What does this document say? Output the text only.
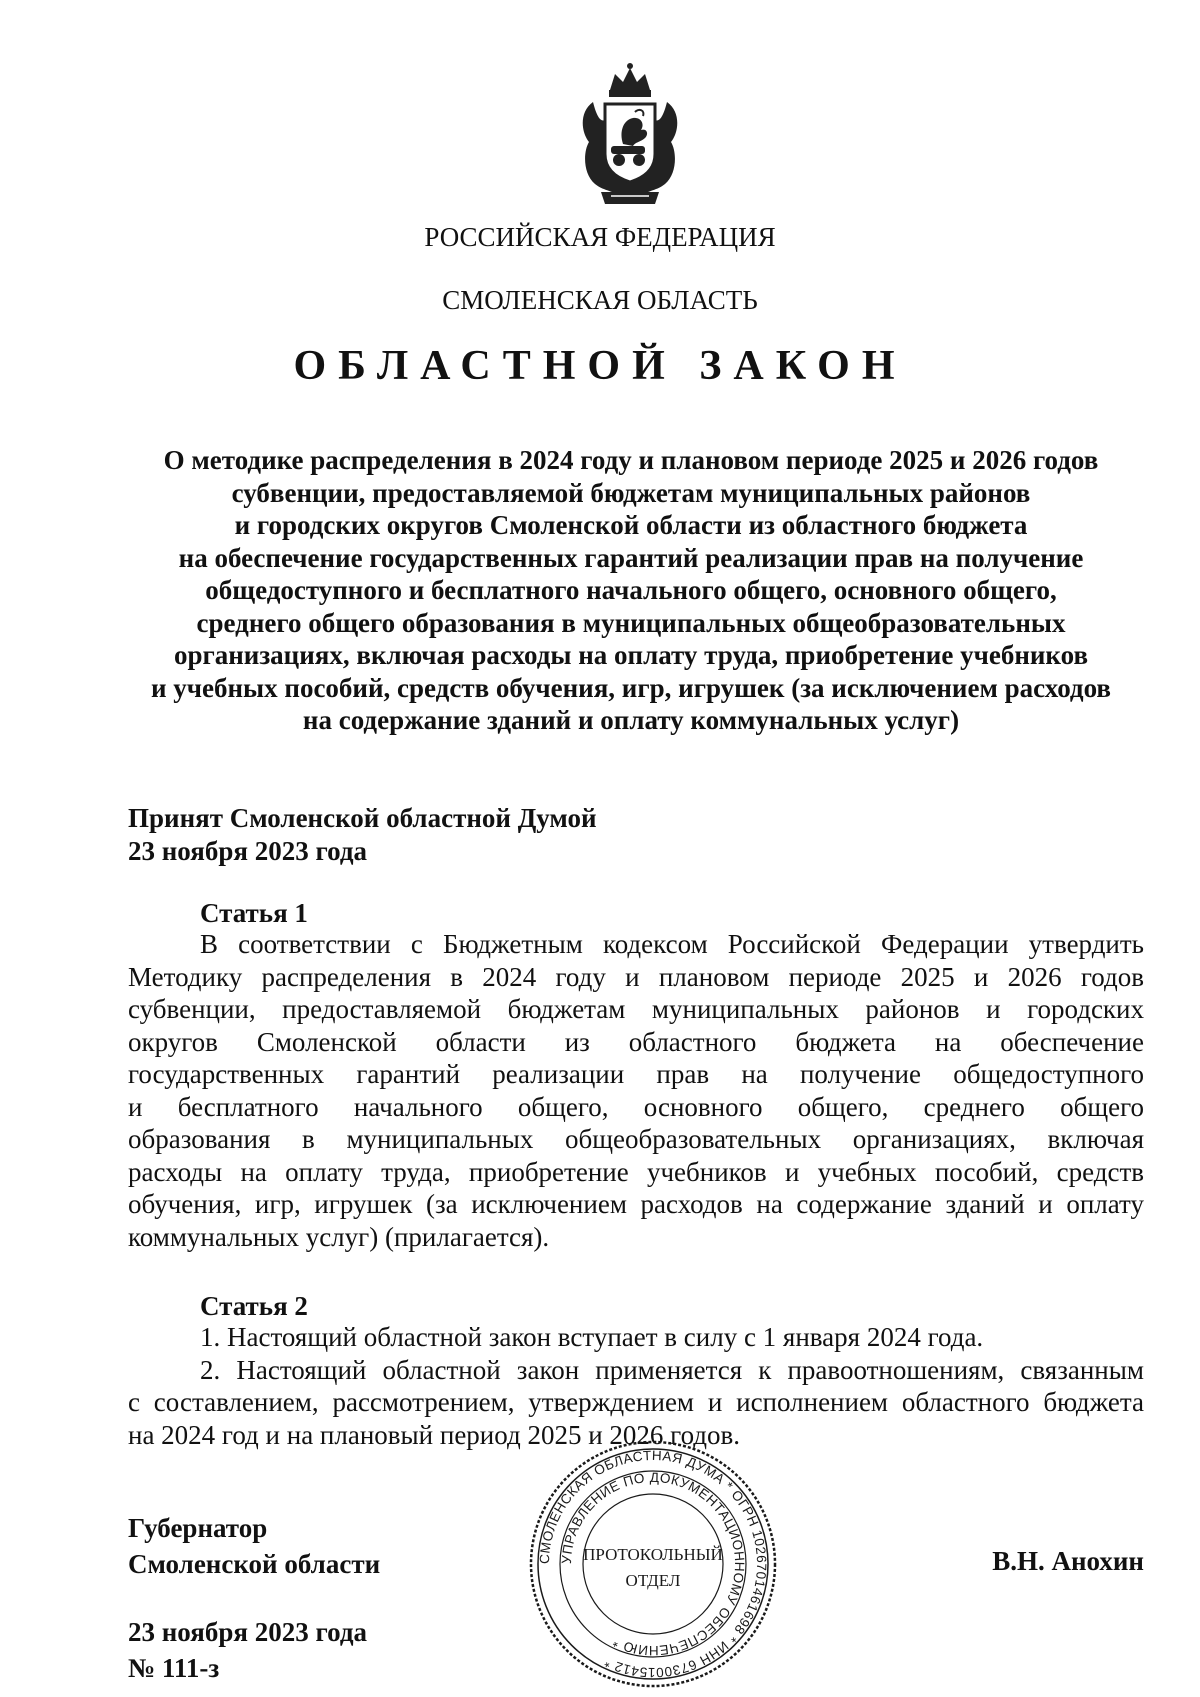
РОССИЙСКАЯ ФЕДЕРАЦИЯ
СМОЛЕНСКАЯ ОБЛАСТЬ
ОБЛАСТНОЙ ЗАКОН
О методике распределения в 2024 году и плановом периоде 2025 и 2026 годов
субвенции, предоставляемой бюджетам муниципальных районов
и городских округов Смоленской области из областного бюджета
на обеспечение государственных гарантий реализации прав на получение
общедоступного и бесплатного начального общего, основного общего,
среднего общего образования в муниципальных общеобразовательных
организациях, включая расходы на оплату труда, приобретение учебников
и учебных пособий, средств обучения, игр, игрушек (за исключением расходов
на содержание зданий и оплату коммунальных услуг)
Принят Смоленской областной Думой
23 ноября 2023 года
Статья 1
В соответствии с Бюджетным кодексом Российской Федерации утвердить
Методику распределения в 2024 году и плановом периоде 2025 и 2026 годов
субвенции, предоставляемой бюджетам муниципальных районов и городских
округов Смоленской области из областного бюджета на обеспечение
государственных гарантий реализации прав на получение общедоступного
и бесплатного начального общего, основного общего, среднего общего
образования в муниципальных общеобразовательных организациях, включая
расходы на оплату труда, приобретение учебников и учебных пособий, средств
обучения, игр, игрушек (за исключением расходов на содержание зданий и оплату
коммунальных услуг) (прилагается).
Статья 2
1. Настоящий областной закон вступает в силу с 1 января 2024 года.
2. Настоящий областной закон применяется к правоотношениям, связанным
с составлением, рассмотрением, утверждением и исполнением областного бюджета
на 2024 год и на плановый период 2025 и 2026 годов.
Губернатор
Смоленской области	В.Н. Анохин
23 ноября 2023 года
№ 111-з
СМОЛЕНСКАЯ ОБЛАСТНАЯ ДУМА * ОГРН 1026701461698 * ИНН 6730015412 *
УПРАВЛЕНИЕ ПО ДОКУМЕНТАЦИОННОМУ ОБЕСПЕЧЕНИЮ *
ПРОТОКОЛЬНЫЙ
ОТДЕЛ
